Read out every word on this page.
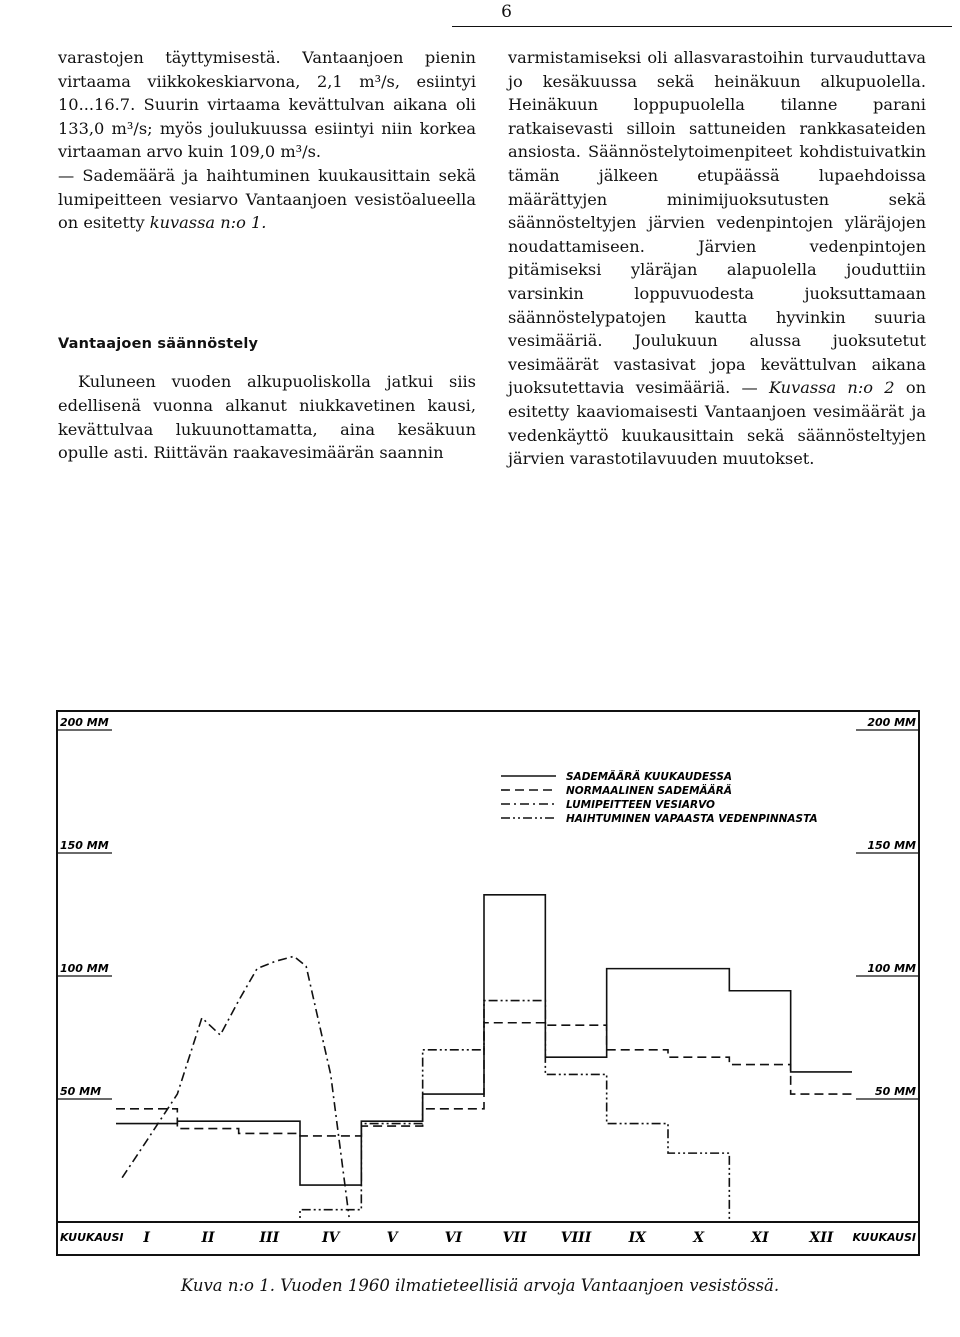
6

varastojen täyttymisestä. Vantaanjoen pienin virtaama viikkokeskiarvona, 2,1 m³/s, esiintyi 10...16.7. Suurin virtaama kevättulvan aikana oli 133,0 m³/s; myös joulukuussa esiintyi niin korkea virtaaman arvo kuin 109,0 m³/s.

— Sademäärä ja haihtuminen kuukausittain sekä lumipeitteen vesiarvo Vantaanjoen vesistöalueella on esitetty kuvassa n:o 1.

Vantaajoen säännöstely

Kuluneen vuoden alkupuoliskolla jatkui siis edellisenä vuonna alkanut niukkavetinen kausi, kevättulvaa lukuunottamatta, aina kesäkuun opulle asti. Riittävän raakavesimäärän saannin

varmistamiseksi oli allasvarastoihin turvauduttava jo kesäkuussa sekä heinäkuun alkupuolella. Heinäkuun loppupuolella tilanne parani ratkaisevasti silloin sattuneiden rankkasateiden ansiosta. Säännöstelytoimenpiteet kohdistuivatkin tämän jälkeen etupäässä lupaehdoissa määrättyjen minimijuoksutusten sekä säännösteltyjen järvien vedenpintojen yläräjojen noudattamiseen. Järvien vedenpintojen pitämiseksi yläräjan alapuolella jouduttiin varsinkin loppuvuodesta juoksuttamaan säännöstelypatojen kautta hyvinkin suuria vesimääriä. Joulukuun alussa juoksutetut vesimäärät vastasivat jopa kevättulvan aikana juoksutettavia vesimääriä. — Kuvassa n:o 2 on esitetty kaaviomaisesti Vantaanjoen vesimäärät ja vedenkäyttö kuukausittain sekä säännösteltyjen järvien varastotilavuuden muutokset.

SADEMÄÄRÄ KUUKAUDESSA
NORMAALINEN SADEMÄÄRÄ
LUMIPEITTEEN VESIARVO
HAIHTUMINEN VAPAASTA VEDENPINNASTA
50 MM	50 MM
100 MM	100 MM
150 MM	150 MM
200 MM	200 MM
KUUKAUSI	KUUKAUSI
I	II	III	IV	V	VI	VII VIII	IX	X	XI	XII
Kuva n:o 1. Vuoden 1960 ilmatieteellisiä arvoja Vantaanjoen vesistössä.
